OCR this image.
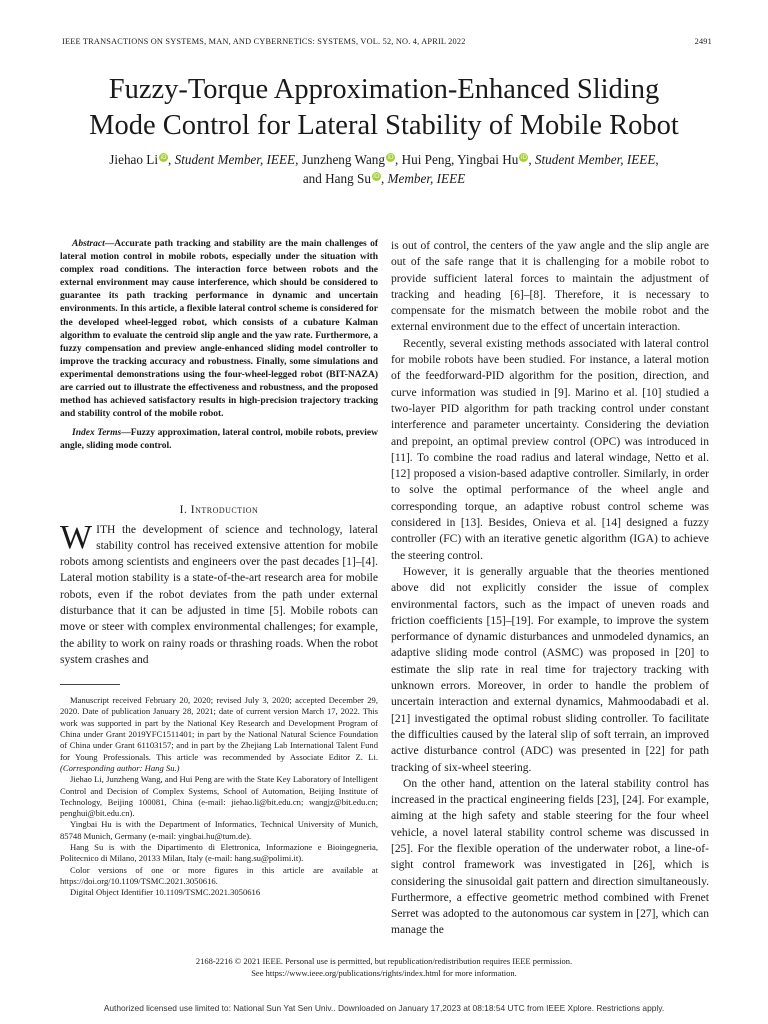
IEEE TRANSACTIONS ON SYSTEMS, MAN, AND CYBERNETICS: SYSTEMS, VOL. 52, NO. 4, APRIL 2022	2491
Fuzzy-Torque Approximation-Enhanced Sliding
Mode Control for Lateral Stability of Mobile Robot
Jiehao Li iD, Student Member, IEEE, Junzheng Wang iD, Hui Peng, Yingbai Hu iD, Student Member, IEEE,
and Hang Su iD, Member, IEEE

Abstract—Accurate path tracking and stability are the main challenges of lateral motion control in mobile robots, especially under the situation with complex road conditions. The interaction force between robots and the external environment may cause interference, which should be considered to guarantee its path tracking performance in dynamic and uncertain environments. In this article, a flexible lateral control scheme is considered for the developed wheel-legged robot, which consists of a cubature Kalman algorithm to evaluate the centroid slip angle and the yaw rate. Furthermore, a fuzzy compensation and preview angle-enhanced sliding model controller to improve the tracking accuracy and robustness. Finally, some simulations and experimental demonstrations using the four-wheel-legged robot (BIT-NAZA) are carried out to illustrate the effectiveness and robustness, and the proposed method has achieved satisfactory results in high-precision trajectory tracking and stability control of the mobile robot.

Index Terms—Fuzzy approximation, lateral control, mobile robots, preview angle, sliding mode control.

I. Introduction

WITH the development of science and technology, lateral stability control has received extensive attention for mobile robots among scientists and engineers over the past decades [1]–[4]. Lateral motion stability is a state-of-the-art research area for mobile robots, even if the robot deviates from the path under external disturbance that it can be adjusted in time [5]. Mobile robots can move or steer with complex environmental challenges; for example, the ability to work on rainy roads or thrashing roads. When the robot system crashes and

Manuscript received February 20, 2020; revised July 3, 2020; accepted December 29, 2020. Date of publication January 28, 2021; date of current version March 17, 2022. This work was supported in part by the National Key Research and Development Program of China under Grant 2019YFC1511401; in part by the National Natural Science Foundation of China under Grant 61103157; and in part by the Zhejiang Lab International Talent Fund for Young Professionals. This article was recommended by Associate Editor Z. Li. (Corresponding author: Hang Su.)

Jiehao Li, Junzheng Wang, and Hui Peng are with the State Key Laboratory of Intelligent Control and Decision of Complex Systems, School of Automation, Beijing Institute of Technology, Beijing 100081, China (e-mail: jiehao.li@bit.edu.cn; wangjz@bit.edu.cn; penghui@bit.edu.cn).

Yingbai Hu is with the Department of Informatics, Technical University of Munich, 85748 Munich, Germany (e-mail: yingbai.hu@tum.de).

Hang Su is with the Dipartimento di Elettronica, Informazione e Bioingegneria, Politecnico di Milano, 20133 Milan, Italy (e-mail: hang.su@polimi.it).

Color versions of one or more figures in this article are available at https://doi.org/10.1109/TSMC.2021.3050616.

Digital Object Identifier 10.1109/TSMC.2021.3050616

is out of control, the centers of the yaw angle and the slip angle are out of the safe range that it is challenging for a mobile robot to provide sufficient lateral forces to maintain the adjustment of tracking and heading [6]–[8]. Therefore, it is necessary to compensate for the mismatch between the mobile robot and the external environment due to the effect of uncertain interaction.

Recently, several existing methods associated with lateral control for mobile robots have been studied. For instance, a lateral motion of the feedforward-PID algorithm for the position, direction, and curve information was studied in [9]. Marino et al. [10] studied a two-layer PID algorithm for path tracking control under constant interference and parameter uncertainty. Considering the deviation and prepoint, an optimal preview control (OPC) was introduced in [11]. To combine the road radius and lateral windage, Netto et al. [12] proposed a vision-based adaptive controller. Similarly, in order to solve the optimal performance of the wheel angle and corresponding torque, an adaptive robust control scheme was considered in [13]. Besides, Onieva et al. [14] designed a fuzzy controller (FC) with an iterative genetic algorithm (IGA) to achieve the steering control.

However, it is generally arguable that the theories mentioned above did not explicitly consider the issue of complex environmental factors, such as the impact of uneven roads and friction coefficients [15]–[19]. For example, to improve the system performance of dynamic disturbances and unmodeled dynamics, an adaptive sliding mode control (ASMC) was proposed in [20] to estimate the slip rate in real time for trajectory tracking with unknown errors. Moreover, in order to handle the problem of uncertain interaction and external dynamics, Mahmoodabadi et al. [21] investigated the optimal robust sliding controller. To facilitate the difficulties caused by the lateral slip of soft terrain, an improved active disturbance control (ADC) was presented in [22] for path tracking of six-wheel steering.

On the other hand, attention on the lateral stability control has increased in the practical engineering fields [23], [24]. For example, aiming at the high safety and stable steering for the four wheel vehicle, a novel lateral stability control scheme was discussed in [25]. For the flexible operation of the underwater robot, a line-of-sight control framework was investigated in [26], which is considering the sinusoidal gait pattern and direction simultaneously. Furthermore, a effective geometric method combined with Frenet Serret was adopted to the autonomous car system in [27], which can manage the

2168-2216 © 2021 IEEE. Personal use is permitted, but republication/redistribution requires IEEE permission.
See https://www.ieee.org/publications/rights/index.html for more information.
Authorized licensed use limited to: National Sun Yat Sen Univ.. Downloaded on January 17,2023 at 08:18:54 UTC from IEEE Xplore. Restrictions apply.
